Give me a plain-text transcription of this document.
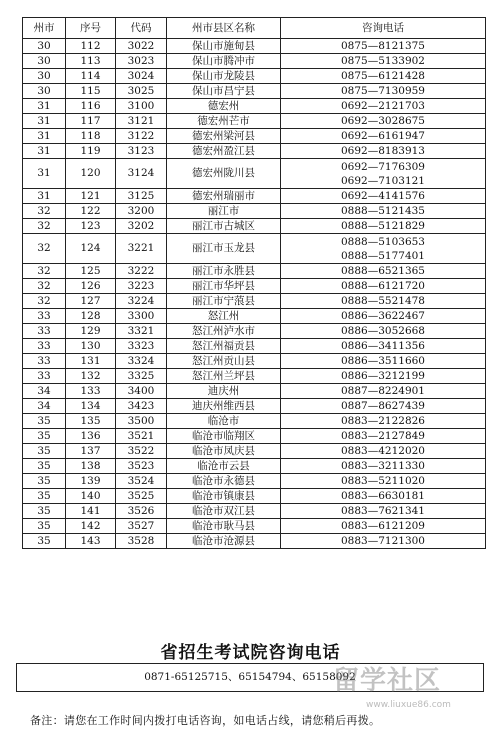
州市	序号	代码	州市县区名称	咨询电话
30	112	3022	保山市施甸县	0875—8121375

30	113	3023	保山市腾冲市	0875—5133902

30	114	3024	保山市龙陵县	0875—6121428

30	115	3025	保山市昌宁县	0875—7130959

31	116	3100	德宏州	0692—2121703

31	117	3121	德宏州芒市	0692—3028675

31	118	3122	德宏州梁河县	0692—6161947

31	119	3123	德宏州盈江县	0692—8183913

31	120	3124	德宏州陇川县	0692—7176309
0692—7103121

31	121	3125	德宏州瑞丽市	0692—4141576

32	122	3200	丽江市	0888—5121435

32	123	3202	丽江市古城区	0888—5121829

32	124	3221	丽江市玉龙县	0888—5103653
0888—5177401

32	125	3222	丽江市永胜县	0888—6521365

32	126	3223	丽江市华坪县	0888—6121720

32	127	3224	丽江市宁蒗县	0888—5521478

33	128	3300	怒江州	0886—3622467

33	129	3321	怒江州泸水市	0886—3052668

33	130	3323	怒江州福贡县	0886—3411356

33	131	3324	怒江州贡山县	0886—3511660

33	132	3325	怒江州兰坪县	0886—3212199

34	133	3400	迪庆州	0887—8224901

34	134	3423	迪庆州维西县	0887—8627439

35	135	3500	临沧市	0883—2122826

35	136	3521	临沧市临翔区	0883—2127849

35	137	3522	临沧市凤庆县	0883—4212020

35	138	3523	临沧市云县	0883—3211330

35	139	3524	临沧市永德县	0883—5211020

35	140	3525	临沧市镇康县	0883—6630181

35	141	3526	临沧市双江县	0883—7621341

35	142	3527	临沧市耿马县	0883—6121209

35	143	3528	临沧市沧源县	0883—7121300
省招生考试院咨询电话
0871-65125715、65154794、65158092
备注：请您在工作时间内拨打电话咨询，如电话占线，请您稍后再拨。
留学社区
www.liuxue86.com
